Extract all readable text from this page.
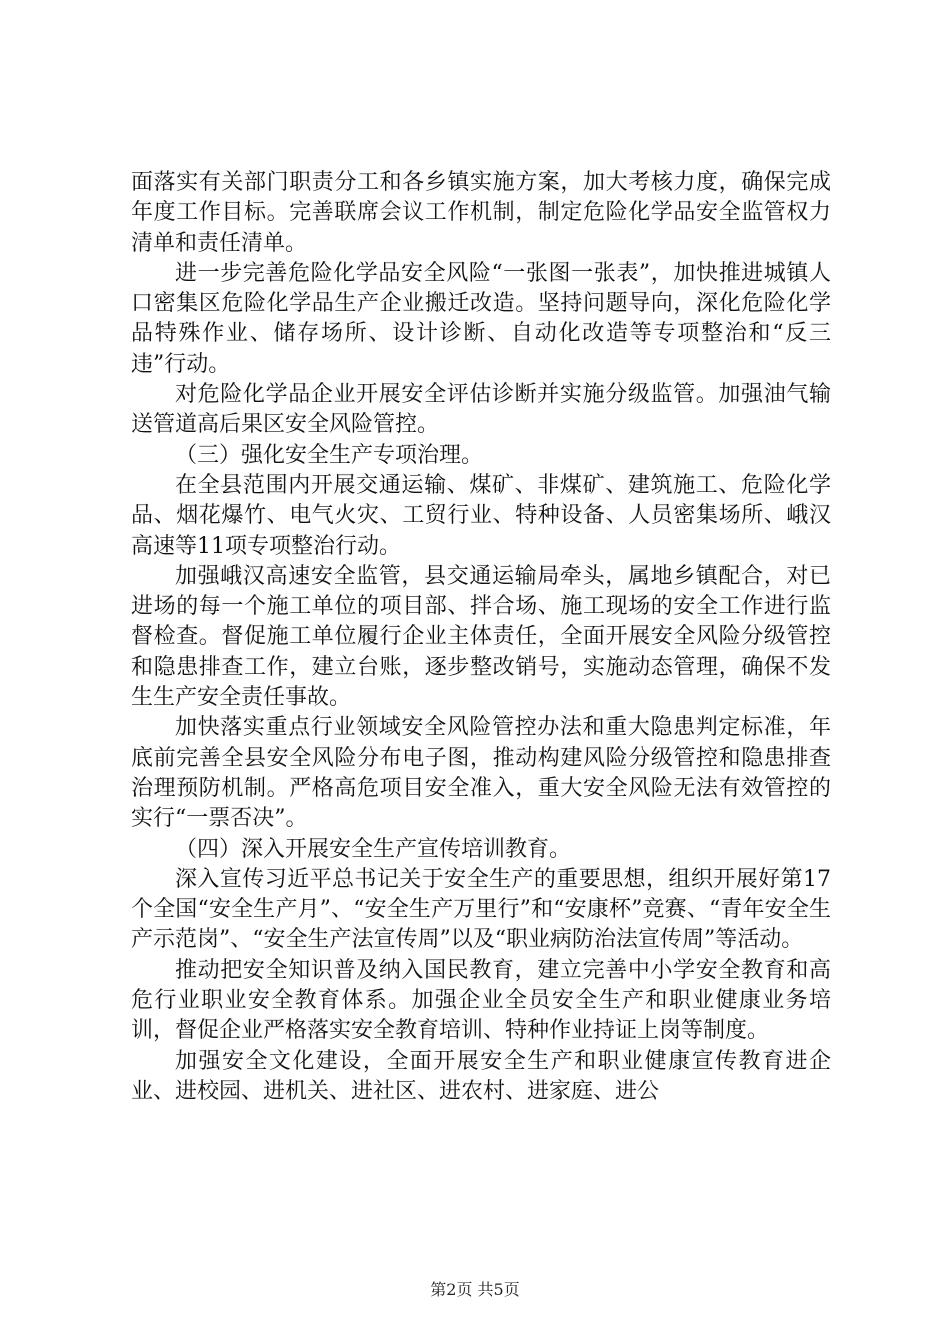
面落实有关部门职责分工和各乡镇实施方案，加大考核力度，确保完成年度工作目标。完善联席会议工作机制，制定危险化学品安全监管权力清单和责任清单。

进一步完善危险化学品安全风险“一张图一张表”，加快推进城镇人口密集区危险化学品生产企业搬迁改造。坚持问题导向，深化危险化学品特殊作业、储存场所、设计诊断、自动化改造等专项整治和“反三违”行动。

对危险化学品企业开展安全评估诊断并实施分级监管。加强油气输送管道高后果区安全风险管控。

（三）强化安全生产专项治理。

在全县范围内开展交通运输、煤矿、非煤矿、建筑施工、危险化学品、烟花爆竹、电气火灾、工贸行业、特种设备、人员密集场所、峨汉高速等11项专项整治行动。

加强峨汉高速安全监管，县交通运输局牵头，属地乡镇配合，对已进场的每一个施工单位的项目部、拌合场、施工现场的安全工作进行监督检查。督促施工单位履行企业主体责任，全面开展安全风险分级管控和隐患排查工作，建立台账，逐步整改销号，实施动态管理，确保不发生生产安全责任事故。

加快落实重点行业领域安全风险管控办法和重大隐患判定标准，年底前完善全县安全风险分布电子图，推动构建风险分级管控和隐患排查治理预防机制。严格高危项目安全准入，重大安全风险无法有效管控的实行“一票否决”。

（四）深入开展安全生产宣传培训教育。

深入宣传习近平总书记关于安全生产的重要思想，组织开展好第17个全国“安全生产月”、“安全生产万里行”和“安康杯”竞赛、“青年安全生产示范岗”、“安全生产法宣传周”以及“职业病防治法宣传周”等活动。

推动把安全知识普及纳入国民教育，建立完善中小学安全教育和高危行业职业安全教育体系。加强企业全员安全生产和职业健康业务培训，督促企业严格落实安全教育培训、特种作业持证上岗等制度。

加强安全文化建设，全面开展安全生产和职业健康宣传教育进企业、进校园、进机关、进社区、进农村、进家庭、进公

第2页 共5页
